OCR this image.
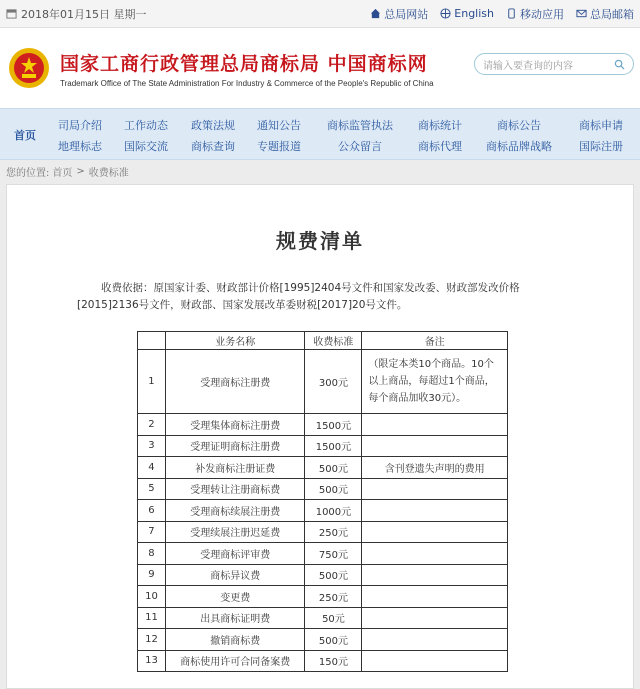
2018年01月15日 星期一	总局网站 English 移动应用 总局邮箱
国家工商行政管理总局商标局 中国商标网
Trademark Office of The State Administration For Industry & Commerce of the People's Republic of China
请输入要查询的内容
首页
司局介绍 工作动态 政策法规 通知公告 商标监管执法 商标统计	商标公告	商标申请
地理标志 国际交流 商标查询 专题报道	公众留言	商标代理 商标品牌战略 国际注册
您的位置: 首页 > 收费标准
规费清单

收费依据：原国家计委、财政部计价格[1995]2404号文件和国家发改委、财政部发改价格[2015]2136号文件，财政部、国家发展改革委财税[2017]20号文件。

	业务名称	收费标准	备注
1	受理商标注册费	300元	（限定本类10个商品。10个以上商品，每超过1个商品，每个商品加收30元）。
2	受理集体商标注册费	1500元	
3	受理证明商标注册费	1500元	
4	补发商标注册证费	500元	含刊登遗失声明的费用
5	受理转让注册商标费	500元	
6	受理商标续展注册费	1000元	
7	受理续展注册迟延费	250元	
8	受理商标评审费	750元	
9	商标异议费	500元	
10	变更费	250元	
11	出具商标证明费	50元	
12	撤销商标费	500元	
13	商标使用许可合同备案费	150元	
